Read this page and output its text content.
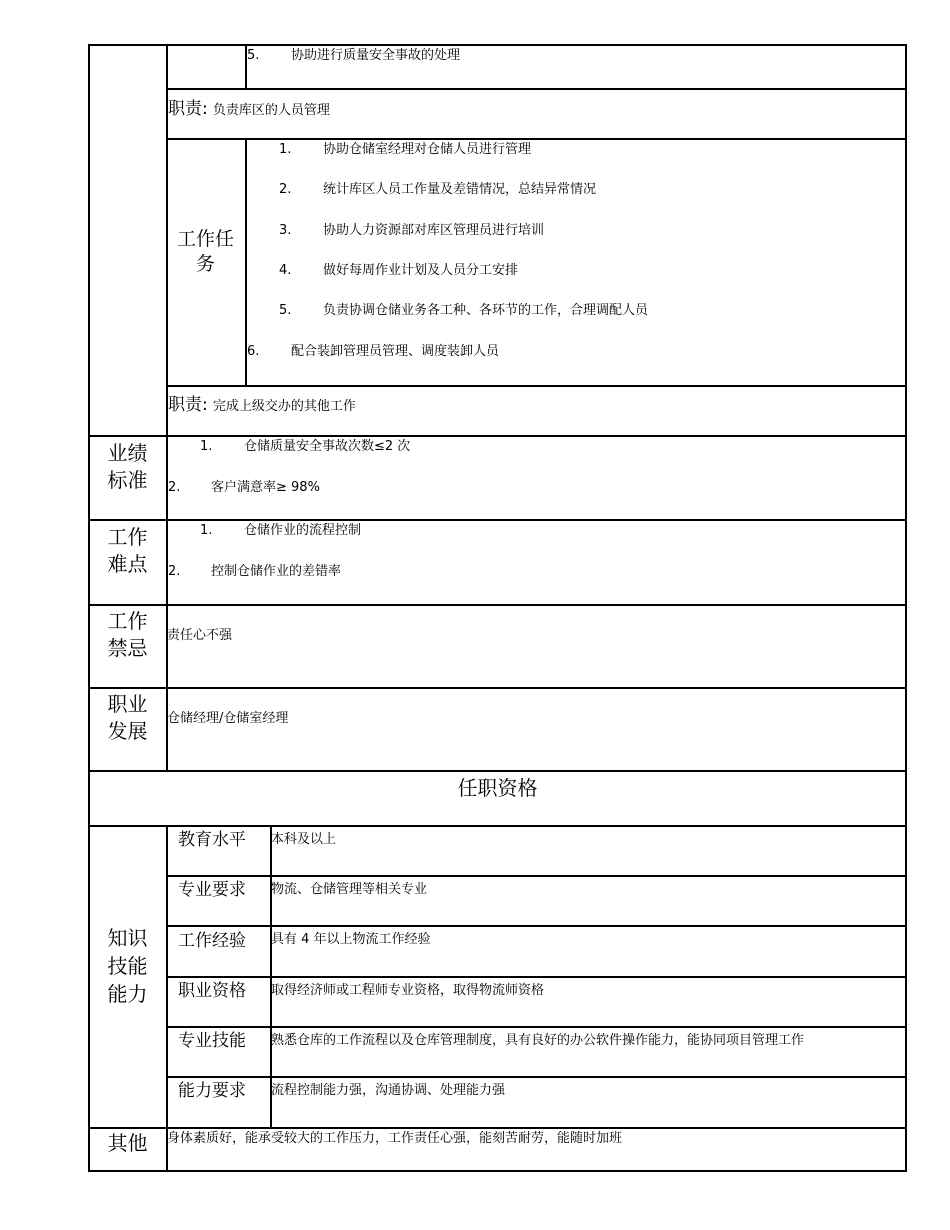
5. 协助进行质量安全事故的处理
职责: 负责库区的人员管理
工作任
务
1. 协助仓储室经理对仓储人员进行管理
2. 统计库区人员工作量及差错情况，总结异常情况
3. 协助人力资源部对库区管理员进行培训
4. 做好每周作业计划及人员分工安排
5. 负责协调仓储业务各工种、各环节的工作，合理调配人员
6. 配合装卸管理员管理、调度装卸人员
职责: 完成上级交办的其他工作
业绩
标准
1. 仓储质量安全事故次数≤2 次
2. 客户满意率≥ 98%
工作
难点
1. 仓储作业的流程控制
2. 控制仓储作业的差错率
工作
禁忌
责任心不强
职业
发展
仓储经理/仓储室经理
任职资格
知识
技能
能力
教育水平 本科及以上
专业要求 物流、仓储管理等相关专业
工作经验 具有 4 年以上物流工作经验
职业资格 取得经济师或工程师专业资格，取得物流师资格
专业技能 熟悉仓库的工作流程以及仓库管理制度，具有良好的办公软件操作能力，能协同项目管理工作
能力要求 流程控制能力强，沟通协调、处理能力强
其他	身体素质好，能承受较大的工作压力，工作责任心强，能刻苦耐劳，能随时加班
